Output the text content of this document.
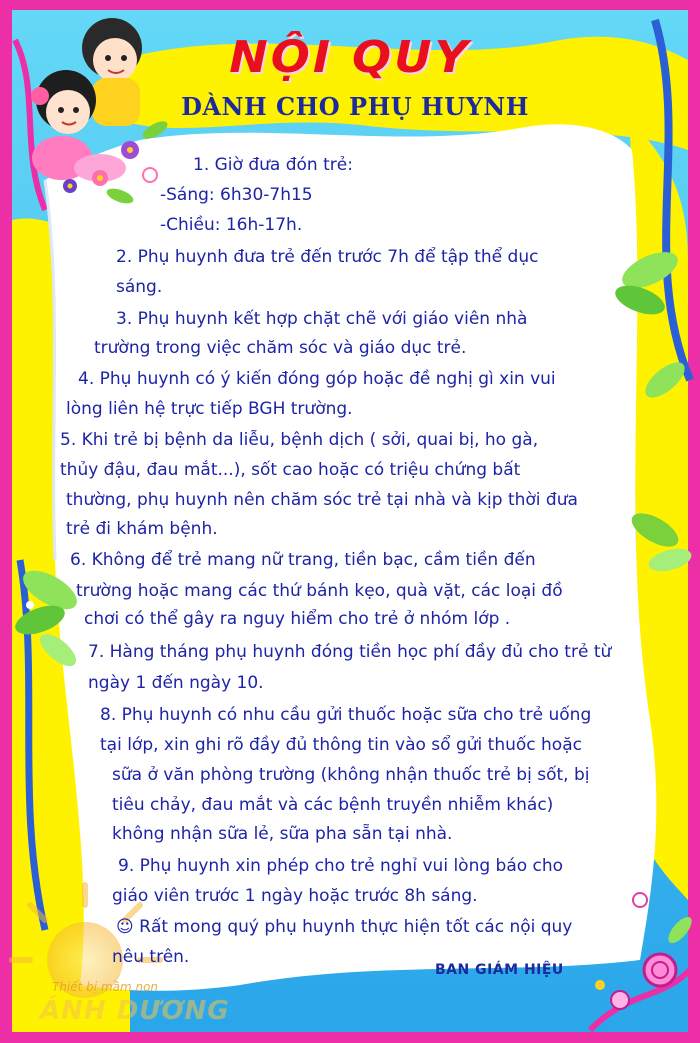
NỘI QUY
DÀNH CHO PHỤ HUYNH

1. Giờ đưa đón trẻ:

-Sáng: 6h30-7h15

-Chiều: 16h-17h.

2. Phụ huynh đưa trẻ đến trước 7h để tập thể dục

sáng.

3. Phụ huynh kết hợp chặt chẽ với giáo viên nhà

trường trong việc chăm sóc và giáo dục trẻ.

4. Phụ huynh có ý kiến đóng góp hoặc đề nghị gì xin vui

lòng liên hệ trực tiếp BGH trường.

5. Khi trẻ bị bệnh da liễu, bệnh dịch ( sởi, quai bị, ho gà,

thủy đậu, đau mắt...), sốt cao hoặc có triệu chứng bất

thường, phụ huynh nên chăm sóc trẻ tại nhà và kịp thời đưa

trẻ đi khám bệnh.

6. Không để trẻ mang nữ trang, tiền bạc, cầm tiền đến

trường hoặc mang các thứ bánh kẹo, quà vặt, các loại đồ

chơi có thể gây ra nguy hiểm cho trẻ ở nhóm lớp .

7. Hàng tháng phụ huynh đóng tiền học phí đầy đủ cho trẻ từ

ngày 1 đến ngày 10.

8. Phụ huynh có nhu cầu gửi thuốc hoặc sữa cho trẻ uống

tại lớp, xin ghi rõ đầy đủ thông tin vào sổ gửi thuốc hoặc

sữa ở văn phòng trường (không nhận thuốc trẻ bị sốt, bị

tiêu chảy, đau mắt và các bệnh truyền nhiễm khác)

không nhận sữa lẻ, sữa pha sẵn tại nhà.

9. Phụ huynh xin phép cho trẻ nghỉ vui lòng báo cho

giáo viên trước 1 ngày hoặc trước 8h sáng.

☺ Rất mong quý phụ huynh thực hiện tốt các nội quy

nêu trên.

BAN GIÁM HIỆU

Thiết bị mầm non

ÁNH DƯƠNG
